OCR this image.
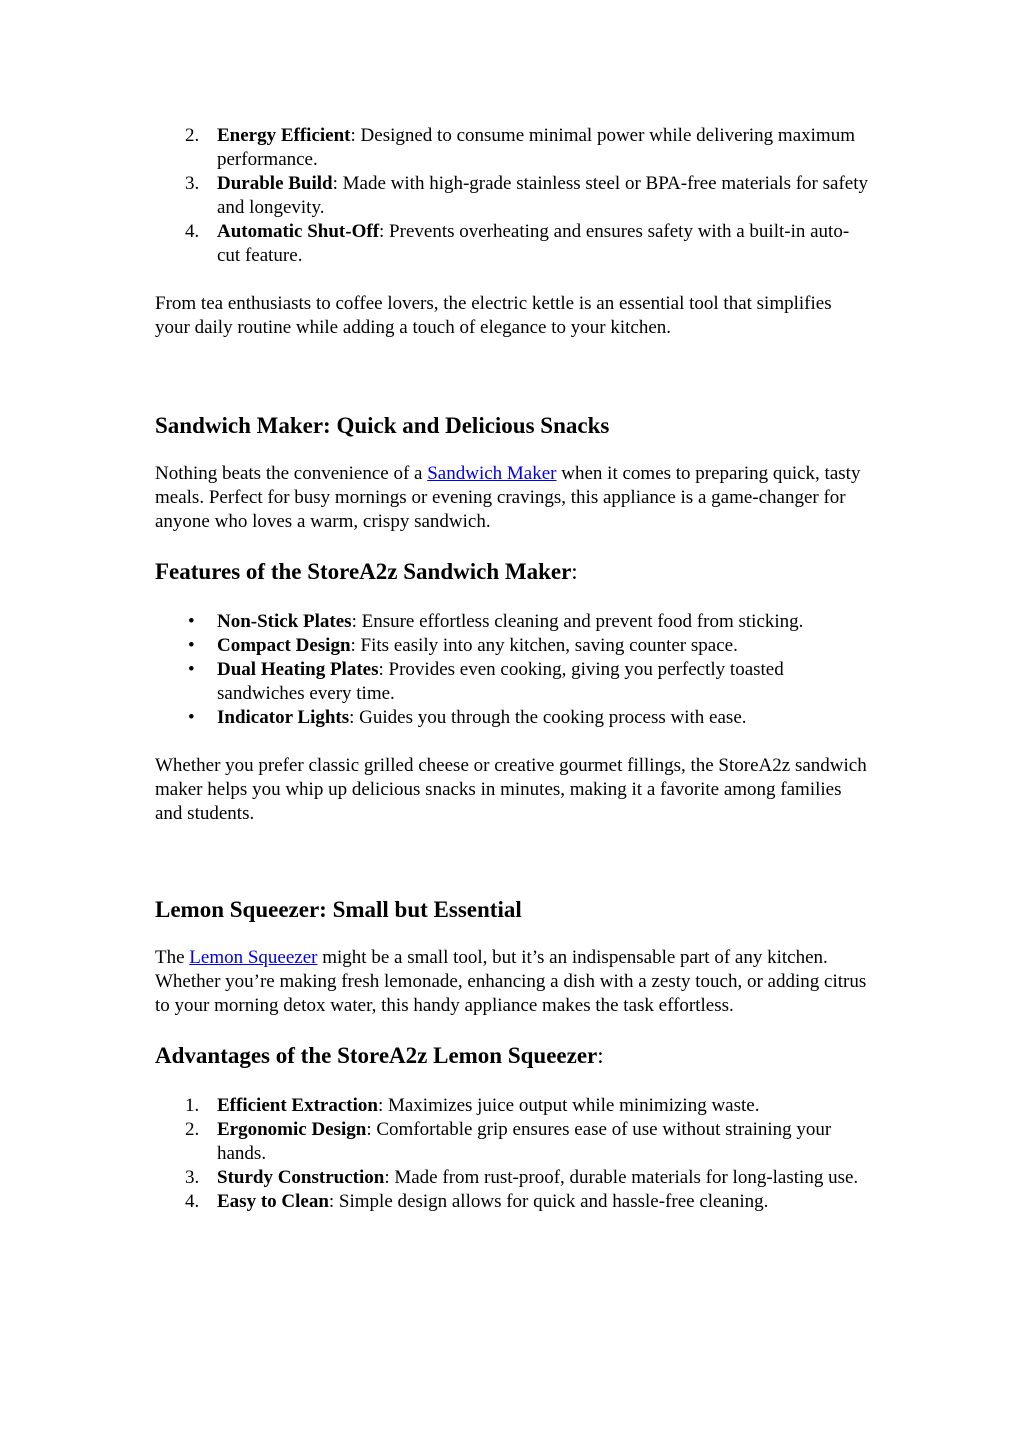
2. Energy Efficient: Designed to consume minimal power while delivering maximum performance.
3. Durable Build: Made with high-grade stainless steel or BPA-free materials for safety and longevity.
4. Automatic Shut-Off: Prevents overheating and ensures safety with a built-in auto-cut feature.

From tea enthusiasts to coffee lovers, the electric kettle is an essential tool that simplifies your daily routine while adding a touch of elegance to your kitchen.

Sandwich Maker: Quick and Delicious Snacks

Nothing beats the convenience of a Sandwich Maker when it comes to preparing quick, tasty meals. Perfect for busy mornings or evening cravings, this appliance is a game-changer for anyone who loves a warm, crispy sandwich.

Features of the StoreA2z Sandwich Maker:
• Non-Stick Plates: Ensure effortless cleaning and prevent food from sticking.
• Compact Design: Fits easily into any kitchen, saving counter space.
• Dual Heating Plates: Provides even cooking, giving you perfectly toasted sandwiches every time.
• Indicator Lights: Guides you through the cooking process with ease.

Whether you prefer classic grilled cheese or creative gourmet fillings, the StoreA2z sandwich maker helps you whip up delicious snacks in minutes, making it a favorite among families and students.

Lemon Squeezer: Small but Essential

The Lemon Squeezer might be a small tool, but it’s an indispensable part of any kitchen. Whether you’re making fresh lemonade, enhancing a dish with a zesty touch, or adding citrus to your morning detox water, this handy appliance makes the task effortless.

Advantages of the StoreA2z Lemon Squeezer:
1. Efficient Extraction: Maximizes juice output while minimizing waste.
2. Ergonomic Design: Comfortable grip ensures ease of use without straining your hands.
3. Sturdy Construction: Made from rust-proof, durable materials for long-lasting use.
4. Easy to Clean: Simple design allows for quick and hassle-free cleaning.
